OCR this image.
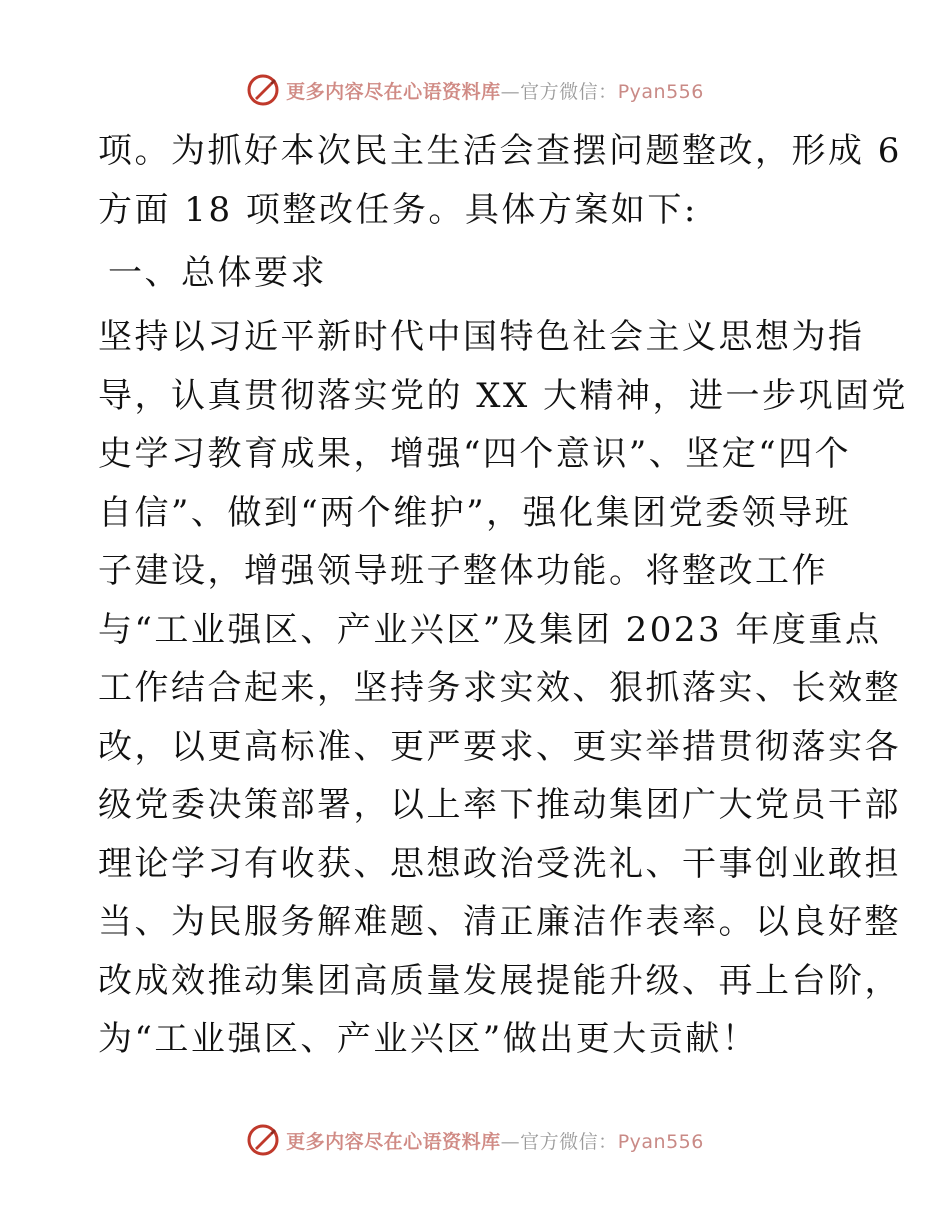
更多内容尽在心语资料库—官方微信：Pyan556
项。为抓好本次民主生活会查摆问题整改，形成 6
方面 18 项整改任务。具体方案如下:
一、总体要求
坚持以习近平新时代中国特色社会主义思想为指
导，认真贯彻落实党的 XX 大精神，进一步巩固党
史学习教育成果，增强“四个意识”、坚定“四个
自信”、做到“两个维护”，强化集团党委领导班
子建设，增强领导班子整体功能。将整改工作
与“工业强区、产业兴区”及集团 2023 年度重点
工作结合起来，坚持务求实效、狠抓落实、长效整
改，以更高标准、更严要求、更实举措贯彻落实各
级党委决策部署，以上率下推动集团广大党员干部
理论学习有收获、思想政治受洗礼、干事创业敢担
当、为民服务解难题、清正廉洁作表率。以良好整
改成效推动集团高质量发展提能升级、再上台阶，
为“工业强区、产业兴区”做出更大贡献！
更多内容尽在心语资料库—官方微信：Pyan556
